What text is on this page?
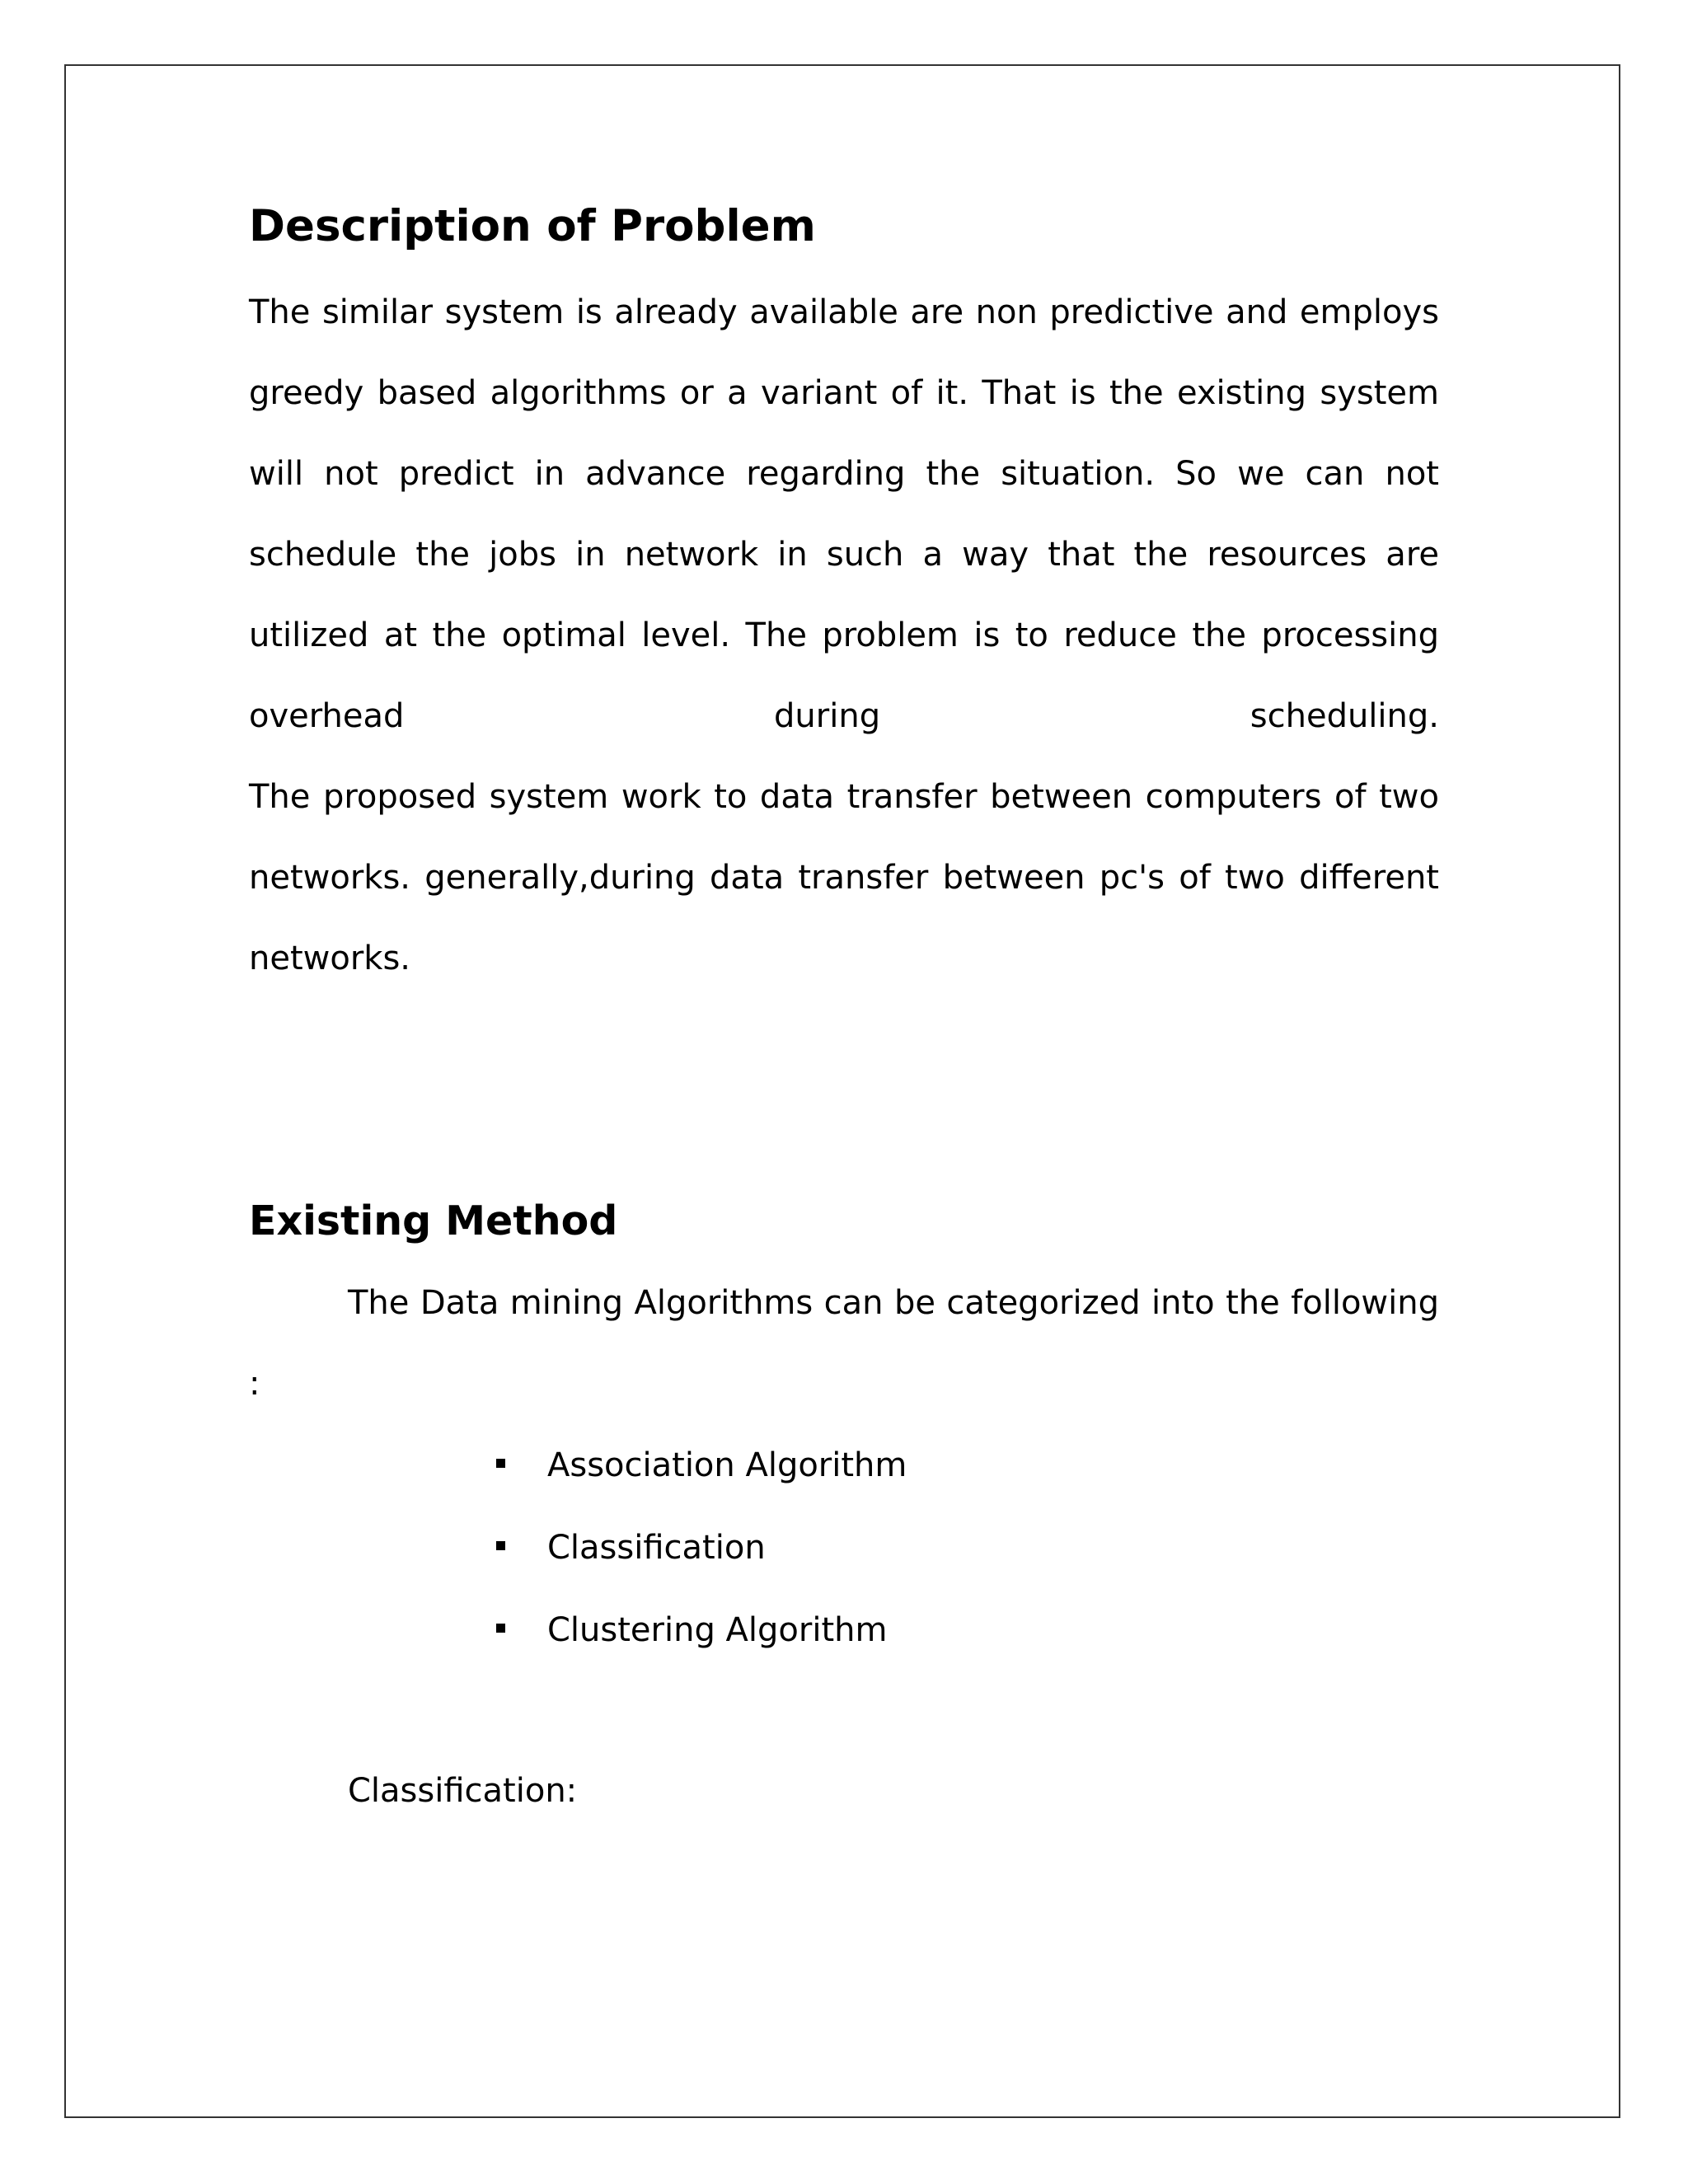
Description of Problem

The similar system is already available are non predictive and employs greedy based algorithms or a variant of it. That is the existing system will not predict in advance regarding the situation. So we can not schedule the jobs in network in such a way that the resources are utilized at the optimal level. The problem is to reduce the processing overhead during scheduling.

The proposed system work to data transfer between computers of two networks. generally,during data transfer between pc's of two different networks.

Existing Method

The Data mining Algorithms can be categorized into the following :

Association Algorithm
Classification
Clustering Algorithm

Classification:
